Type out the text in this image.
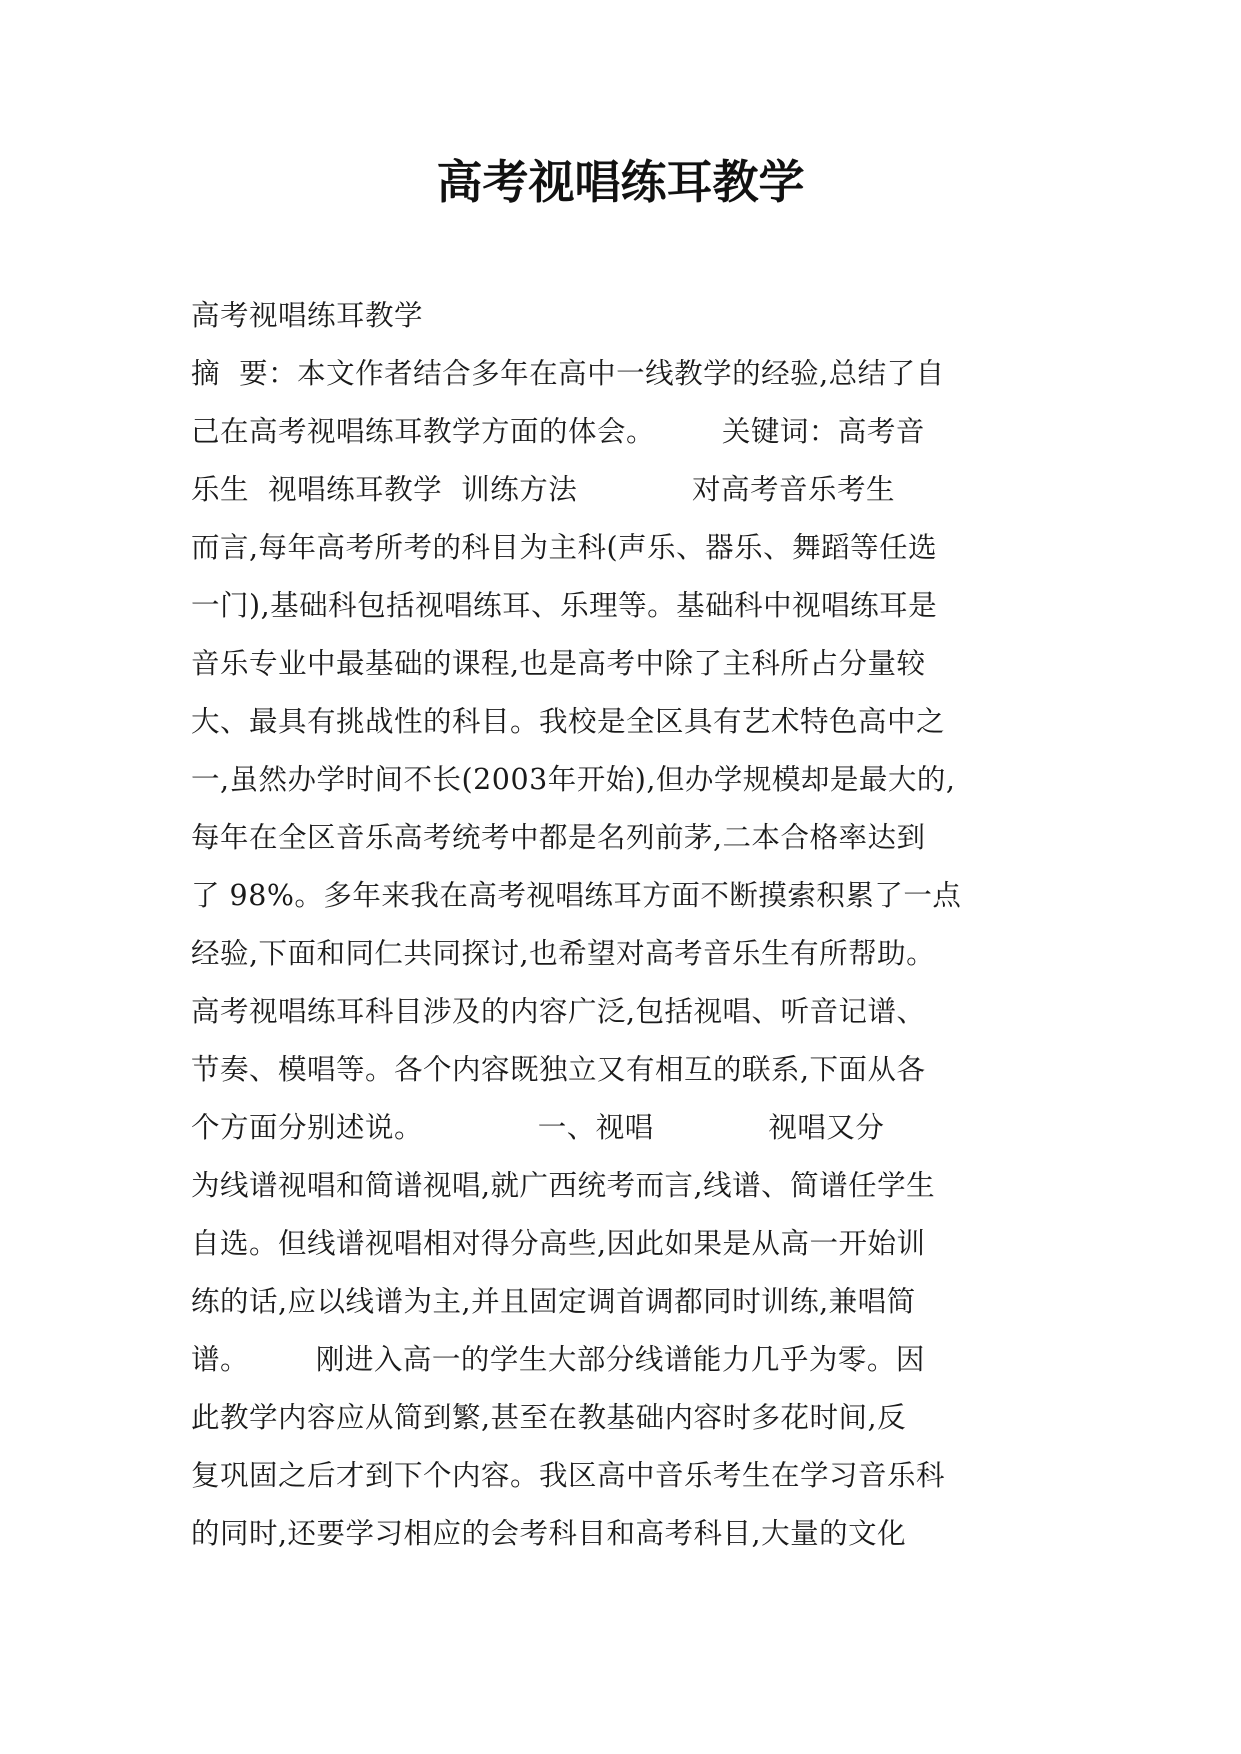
高考视唱练耳教学
高考视唱练耳教学
摘  要：本文作者结合多年在高中一线教学的经验,总结了自
己在高考视唱练耳教学方面的体会。       关键词：高考音
乐生  视唱练耳教学  训练方法            对高考音乐考生
而言,每年高考所考的科目为主科(声乐、器乐、舞蹈等任选
一门),基础科包括视唱练耳、乐理等。基础科中视唱练耳是
音乐专业中最基础的课程,也是高考中除了主科所占分量较
大、最具有挑战性的科目。我校是全区具有艺术特色高中之
一,虽然办学时间不长(2003年开始),但办学规模却是最大的,
每年在全区音乐高考统考中都是名列前茅,二本合格率达到
了 98%。多年来我在高考视唱练耳方面不断摸索积累了一点
经验,下面和同仁共同探讨,也希望对高考音乐生有所帮助。
高考视唱练耳科目涉及的内容广泛,包括视唱、听音记谱、
节奏、模唱等。各个内容既独立又有相互的联系,下面从各
个方面分别述说。            一、视唱            视唱又分
为线谱视唱和简谱视唱,就广西统考而言,线谱、简谱任学生
自选。但线谱视唱相对得分高些,因此如果是从高一开始训
练的话,应以线谱为主,并且固定调首调都同时训练,兼唱简
谱。       刚进入高一的学生大部分线谱能力几乎为零。因
此教学内容应从简到繁,甚至在教基础内容时多花时间,反
复巩固之后才到下个内容。我区高中音乐考生在学习音乐科
的同时,还要学习相应的会考科目和高考科目,大量的文化
